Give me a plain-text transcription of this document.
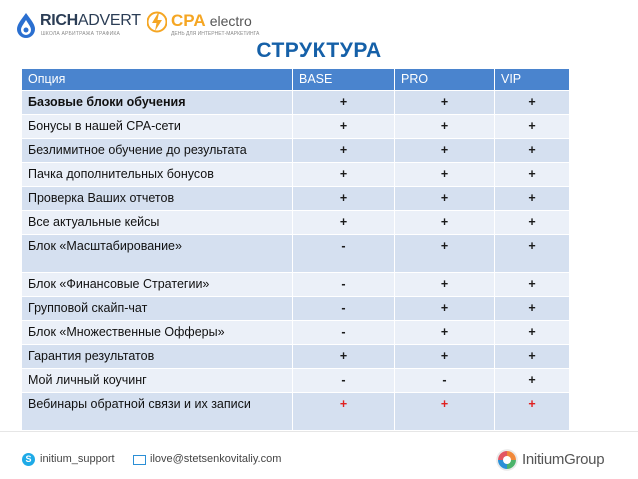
RICHADVERT
ШКОЛА АРБИТРАЖА ТРАФИКА
CPA electro
ДЕНЬ ДЛЯ ИНТЕРНЕТ-МАРКЕТИНГА
СТРУКТУРА
Опция	BASE	PRO	VIP
Базовые блоки обучения	+	+	+
Бонусы в нашей СРА-сети	+	+	+
Безлимитное обучение до результата	+	+	+
Пачка дополнительных бонусов	+	+	+
Проверка Ваших отчетов	+	+	+
Все актуальные кейсы	+	+	+
Блок «Масштабирование»	-	+	+
Блок «Финансовые Стратегии»	-	+	+
Групповой скайп-чат	-	+	+
Блок «Множественные Офферы»	-	+	+
Гарантия результатов	+	+	+
Мой личный коучинг	-	-	+
Вебинары обратной связи и их записи	+	+	+
S initium_support	ilove@stetsenkovitaliy.com	InitiumGroup
